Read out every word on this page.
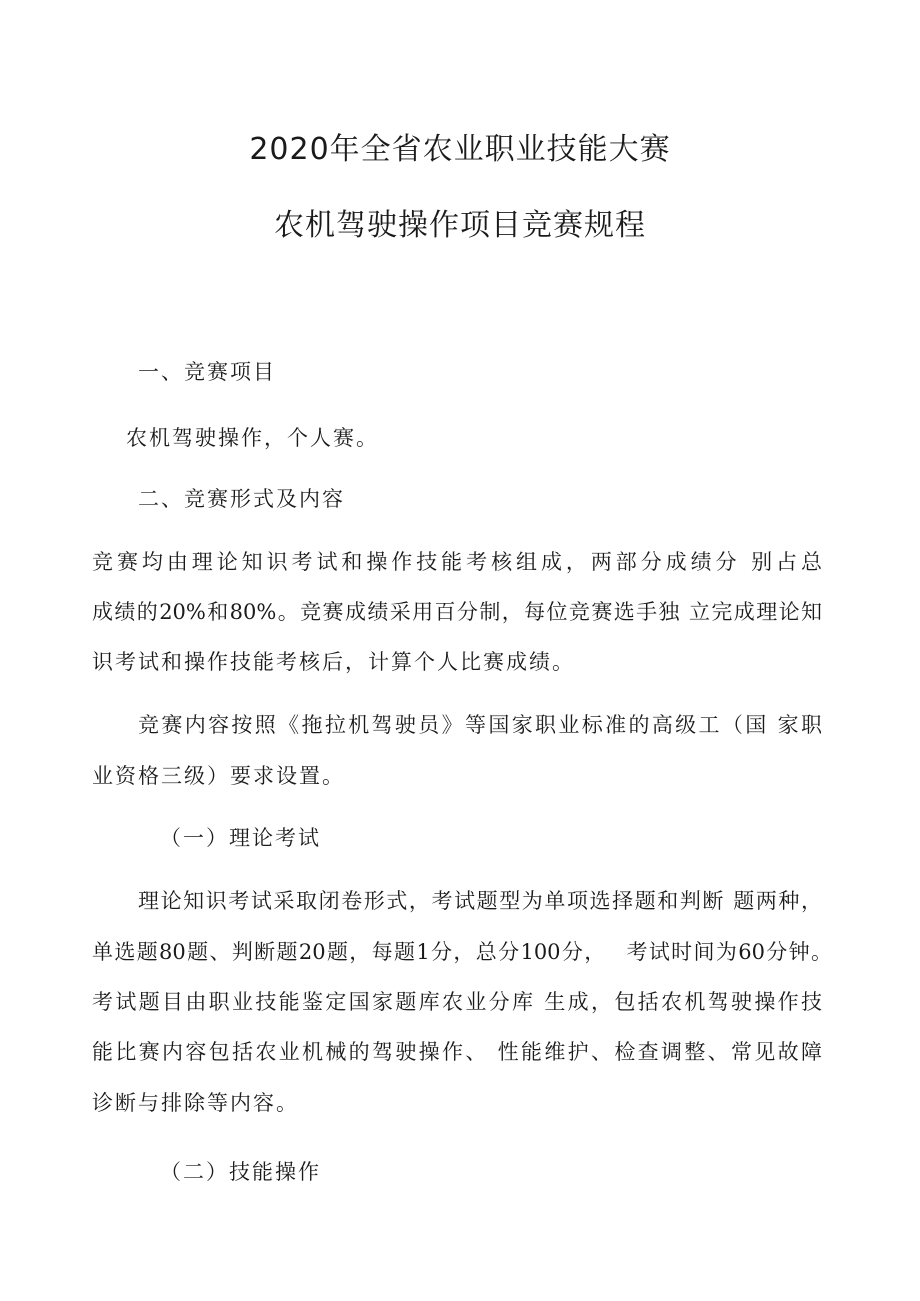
2020年全省农业职业技能大赛
农机驾驶操作项目竞赛规程
一、竞赛项目
农机驾驶操作，个人赛。
二、竞赛形式及内容
竞赛均由理论知识考试和操作技能考核组成，两部分成绩分 别占总
成绩的20%和80%。竞赛成绩采用百分制，每位竞赛选手独 立完成理论知
识考试和操作技能考核后，计算个人比赛成绩。
竞赛内容按照《拖拉机驾驶员》等国家职业标准的高级工（国 家职
业资格三级）要求设置。
（一）理论考试
理论知识考试采取闭卷形式，考试题型为单项选择题和判断 题两种，
单选题80题、判断题20题，每题1分，总分100分，　 考试时间为60分钟。
考试题目由职业技能鉴定国家题库农业分库 生成，包括农机驾驶操作技
能比赛内容包括农业机械的驾驶操作、 性能维护、检查调整、常见故障
诊断与排除等内容。
（二）技能操作
